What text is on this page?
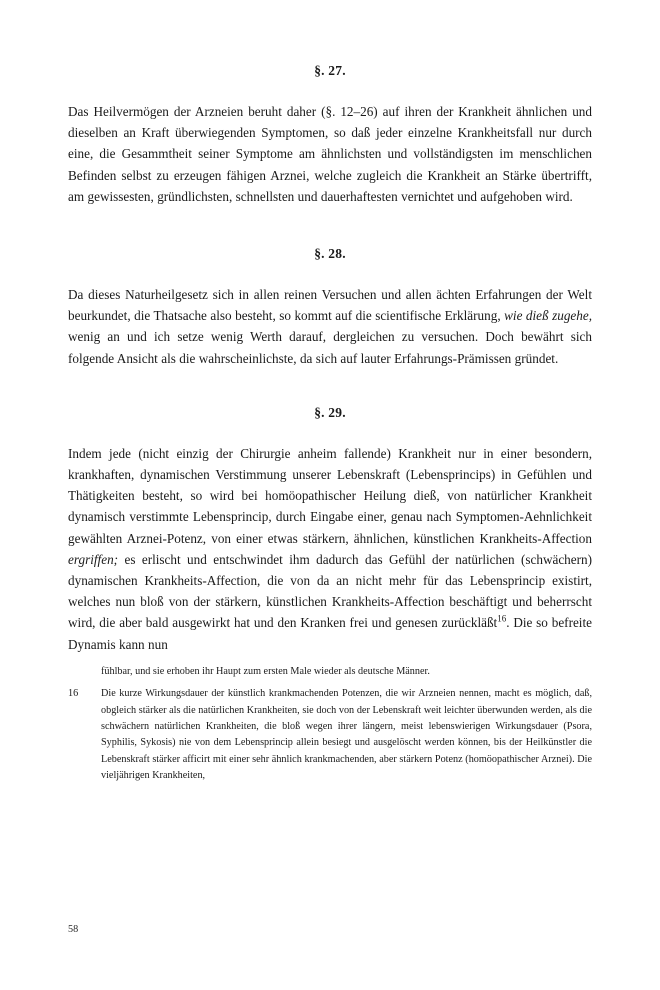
§. 27.
Das Heilvermögen der Arzneien beruht daher (§. 12–26) auf ihren der Krankheit ähnlichen und dieselben an Kraft überwiegenden Symptomen, so daß jeder einzelne Krankheitsfall nur durch eine, die Gesammtheit seiner Symptome am ähnlichsten und vollständigsten im menschlichen Befinden selbst zu erzeugen fähigen Arznei, welche zugleich die Krankheit an Stärke übertrifft, am gewissesten, gründlichsten, schnellsten und dauerhaftesten vernichtet und aufgehoben wird.
§. 28.
Da dieses Naturheilgesetz sich in allen reinen Versuchen und allen ächten Erfahrungen der Welt beurkundet, die Thatsache also besteht, so kommt auf die scientifische Erklärung, wie dieß zugehe, wenig an und ich setze wenig Werth darauf, dergleichen zu versuchen. Doch bewährt sich folgende Ansicht als die wahrscheinlichste, da sich auf lauter Erfahrungs-Prämissen gründet.
§. 29.
Indem jede (nicht einzig der Chirurgie anheim fallende) Krankheit nur in einer besondern, krankhaften, dynamischen Verstimmung unserer Lebenskraft (Lebensprincips) in Gefühlen und Thätigkeiten besteht, so wird bei homöopathischer Heilung dieß, von natürlicher Krankheit dynamisch verstimmte Lebensprincip, durch Eingabe einer, genau nach Symptomen-Aehnlichkeit gewählten Arznei-Potenz, von einer etwas stärkern, ähnlichen, künstlichen Krankheits-Affection ergriffen; es erlischt und entschwindet ihm dadurch das Gefühl der natürlichen (schwächern) dynamischen Krankheits-Affection, die von da an nicht mehr für das Lebensprincip existirt, welches nun bloß von der stärkern, künstlichen Krankheits-Affection beschäftigt und beherrscht wird, die aber bald ausgewirkt hat und den Kranken frei und genesen zurückläßt$^{16}$. Die so befreite Dynamis kann nun
fühlbar, und sie erhoben ihr Haupt zum ersten Male wieder als deutsche Männer.
16	Die kurze Wirkungsdauer der künstlich krankmachenden Potenzen, die wir Arzneien nennen, macht es möglich, daß, obgleich stärker als die natürlichen Krankheiten, sie doch von der Lebenskraft weit leichter überwunden werden, als die schwächern natürlichen Krankheiten, die bloß wegen ihrer längern, meist lebenswierigen Wirkungsdauer (Psora, Syphilis, Sykosis) nie von dem Lebensprincip allein besiegt und ausgelöscht werden können, bis der Heilkünstler die Lebenskraft stärker afficirt mit einer sehr ähnlich krankmachenden, aber stärkern Potenz (homöopathischer Arznei). Die vieljährigen Krankheiten,
58
